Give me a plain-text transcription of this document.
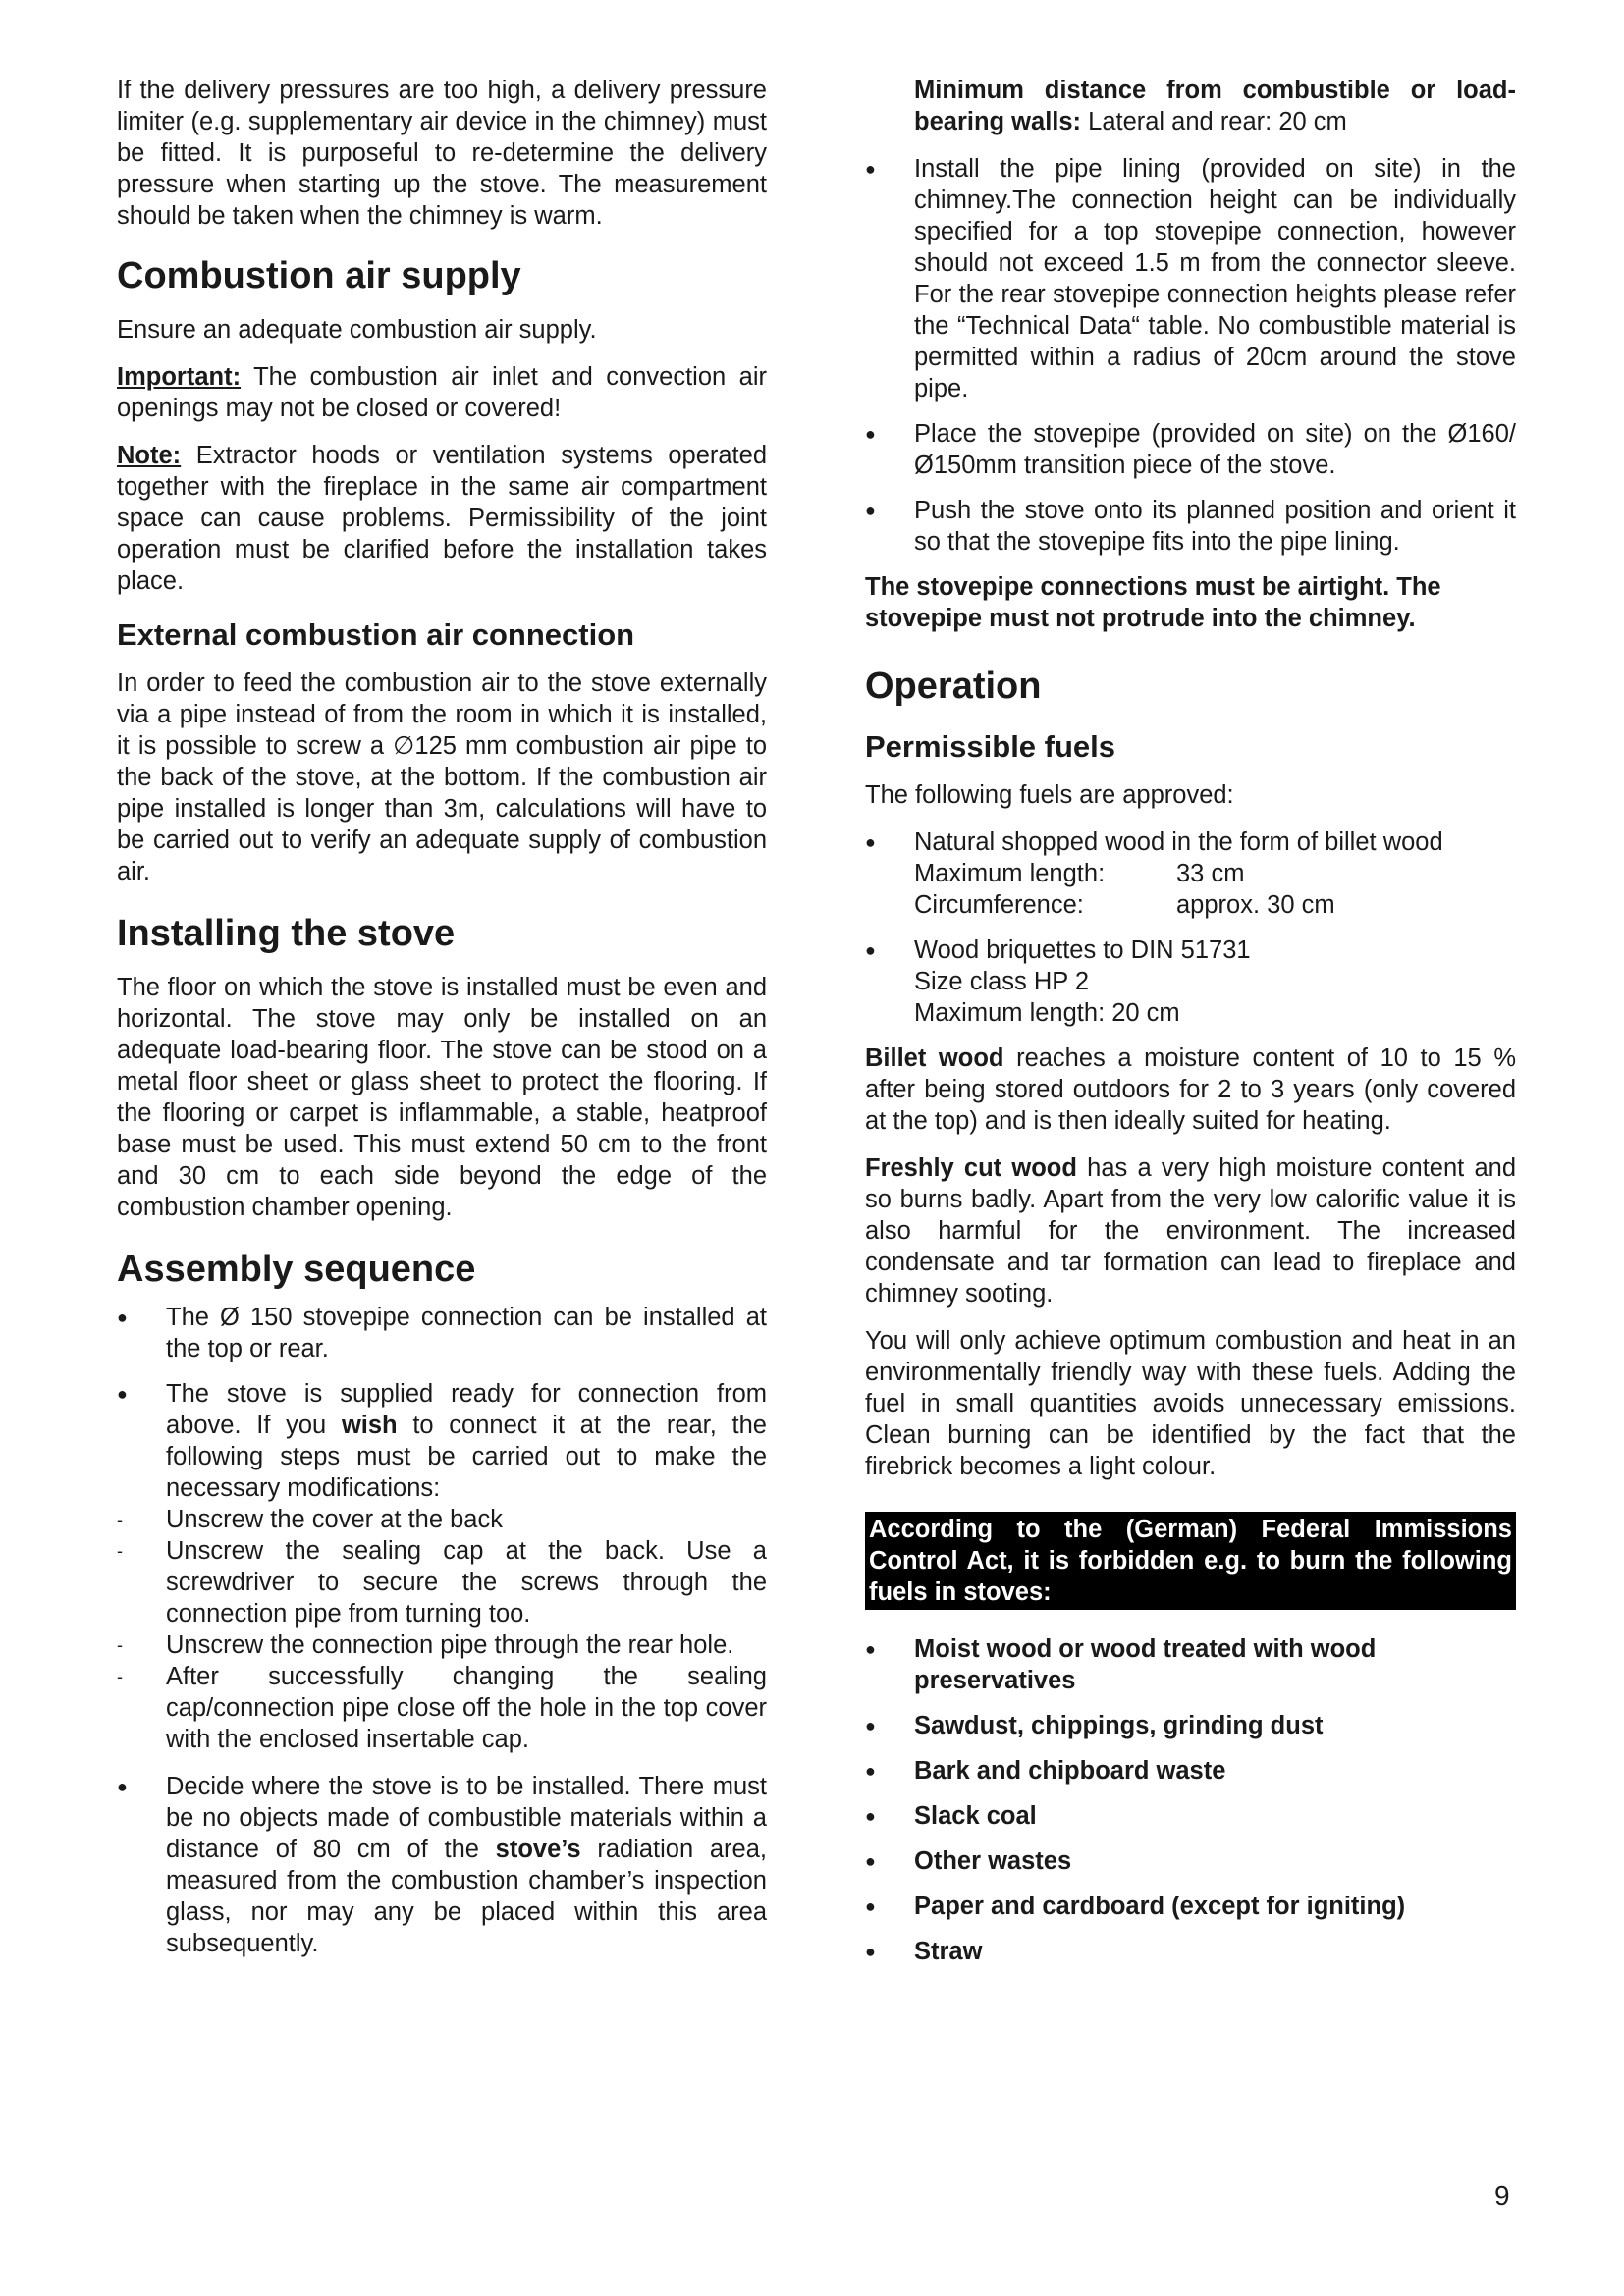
If the delivery pressures are too high, a delivery pressure limiter (e.g. supplementary air device in the chimney) must be fitted. It is purposeful to re-determine the delivery pressure when starting up the stove. The measurement should be taken when the chimney is warm.

Combustion air supply

Ensure an adequate combustion air supply.

Important: The combustion air inlet and convection air openings may not be closed or covered!

Note: Extractor hoods or ventilation systems operated together with the fireplace in the same air compartment space can cause problems. Permissibility of the joint operation must be clarified before the installation takes place.

External combustion air connection

In order to feed the combustion air to the stove externally via a pipe instead of from the room in which it is installed, it is possible to screw a ∅125 mm combustion air pipe to the back of the stove, at the bottom. If the combustion air pipe installed is longer than 3m, calculations will have to be carried out to verify an adequate supply of combustion air.

Installing the stove

The floor on which the stove is installed must be even and horizontal. The stove may only be installed on an adequate load-bearing floor. The stove can be stood on a metal floor sheet or glass sheet to protect the flooring. If the flooring or carpet is inflammable, a stable, heatproof base must be used. This must extend 50 cm to the front and 30 cm to each side beyond the edge of the combustion chamber opening.

Assembly sequence
● The Ø 150 stovepipe connection can be installed at the top or rear.
● The stove is supplied ready for connection from above. If you wish to connect it at the rear, the following steps must be carried out to make the necessary modifications:
- Unscrew the cover at the back
- Unscrew the sealing cap at the back. Use a screwdriver to secure the screws through the connection pipe from turning too.
- Unscrew the connection pipe through the rear hole.
- After successfully changing the sealing cap/connection pipe close off the hole in the top cover with the enclosed insertable cap.
● Decide where the stove is to be installed. There must be no objects made of combustible materials within a distance of 80 cm of the stove’s radiation area, measured from the combustion chamber’s inspection glass, nor may any be placed within this area subsequently.

Minimum distance from combustible or load-bearing walls: Lateral and rear: 20 cm

● Install the pipe lining (provided on site) in the chimney.The connection height can be individually specified for a top stovepipe connection, however should not exceed 1.5 m from the connector sleeve. For the rear stovepipe connection heights please refer the “Technical Data“ table. No combustible material is permitted within a radius of 20cm around the stove pipe.
● Place the stovepipe (provided on site) on the Ø160/Ø150mm transition piece of the stove.
● Push the stove onto its planned position and orient it so that the stovepipe fits into the pipe lining.

The stovepipe connections must be airtight. The stovepipe must not protrude into the chimney.

Operation
Permissible fuels

The following fuels are approved:

● Natural shopped wood in the form of billet wood
Maximum length:	33 cm
Circumference:	approx. 30 cm
● Wood briquettes to DIN 51731
Size class HP 2
Maximum length: 20 cm

Billet wood reaches a moisture content of 10 to 15 % after being stored outdoors for 2 to 3 years (only covered at the top) and is then ideally suited for heating.

Freshly cut wood has a very high moisture content and so burns badly. Apart from the very low calorific value it is also harmful for the environment. The increased condensate and tar formation can lead to fireplace and chimney sooting.

You will only achieve optimum combustion and heat in an environmentally friendly way with these fuels. Adding the fuel in small quantities avoids unnecessary emissions. Clean burning can be identified by the fact that the firebrick becomes a light colour.

According to the (German) Federal Immissions Control Act, it is forbidden e.g. to burn the following fuels in stoves:
● Moist wood or wood treated with wood preservatives
● Sawdust, chippings, grinding dust
● Bark and chipboard waste
● Slack coal
● Other wastes
● Paper and cardboard (except for igniting)
● Straw
9
